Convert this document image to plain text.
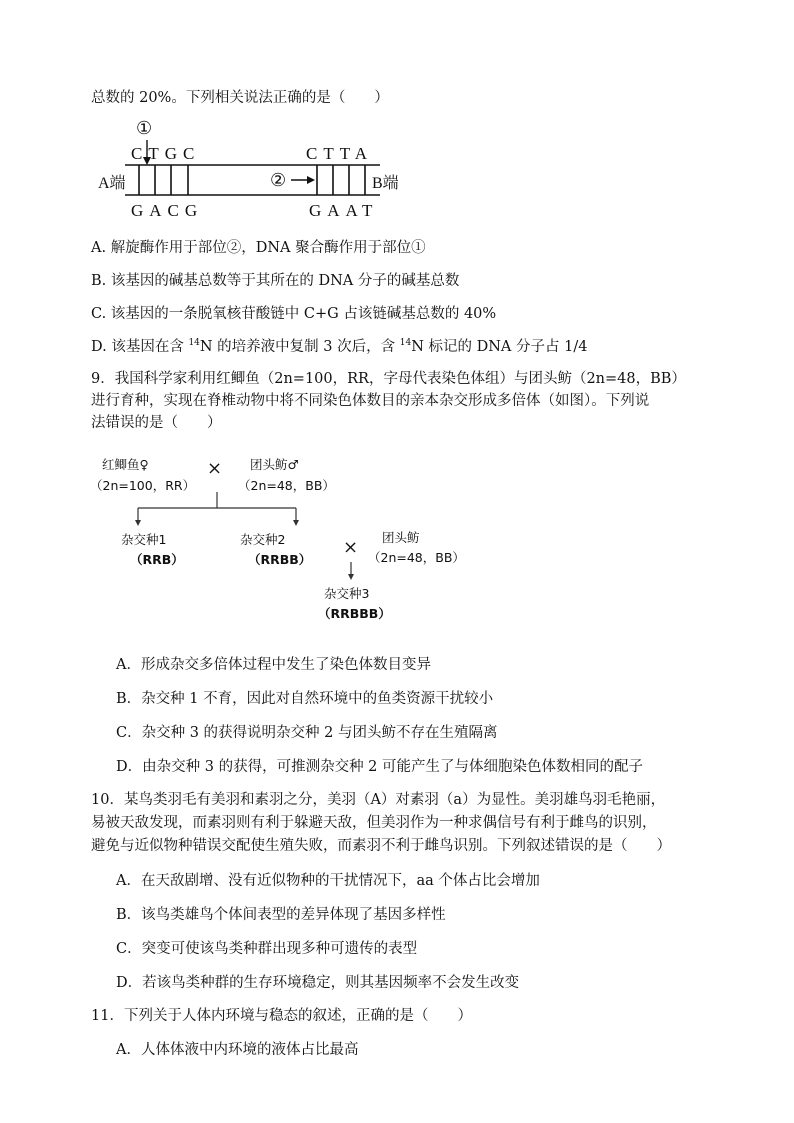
总数的 20%。下列相关说法正确的是（　　）
①
CTGC	CTTA
A端	②	B端
GACG	GAAT
A. 解旋酶作用于部位②，DNA 聚合酶作用于部位①
B. 该基因的碱基总数等于其所在的 DNA 分子的碱基总数
C. 该基因的一条脱氧核苷酸链中 C+G 占该链碱基总数的 40%
D. 该基因在含 $^{14}$N 的培养液中复制 3 次后，含 $^{14}$N 标记的 DNA 分子占 1/4
9．我国科学家利用红鲫鱼（2n=100，RR，字母代表染色体组）与团头鲂（2n=48，BB）
进行育种，实现在脊椎动物中将不同染色体数目的亲本杂交形成多倍体（如图）。下列说
法错误的是（　　）
红鲫鱼♀
（2n=100，RR）
× 团头鲂♂
（2n=48，BB）
杂交种1
（RRB）
杂交种2
（RRBB）
× 团头鲂
（2n=48，BB）
杂交种3
（RRBBB）
A．形成杂交多倍体过程中发生了染色体数目变异
B．杂交种 1 不育，因此对自然环境中的鱼类资源干扰较小
C．杂交种 3 的获得说明杂交种 2 与团头鲂不存在生殖隔离
D．由杂交种 3 的获得，可推测杂交种 2 可能产生了与体细胞染色体数相同的配子
10．某鸟类羽毛有美羽和素羽之分，美羽（A）对素羽（a）为显性。美羽雄鸟羽毛艳丽，
易被天敌发现，而素羽则有利于躲避天敌，但美羽作为一种求偶信号有利于雌鸟的识别，
避免与近似物种错误交配使生殖失败，而素羽不利于雌鸟识别。下列叙述错误的是（　　）
A．在天敌剧增、没有近似物种的干扰情况下，aa 个体占比会增加
B．该鸟类雄鸟个体间表型的差异体现了基因多样性
C．突变可使该鸟类种群出现多种可遗传的表型
D．若该鸟类种群的生存环境稳定，则其基因频率不会发生改变
11．下列关于人体内环境与稳态的叙述，正确的是（　　）
A．人体体液中内环境的液体占比最高
